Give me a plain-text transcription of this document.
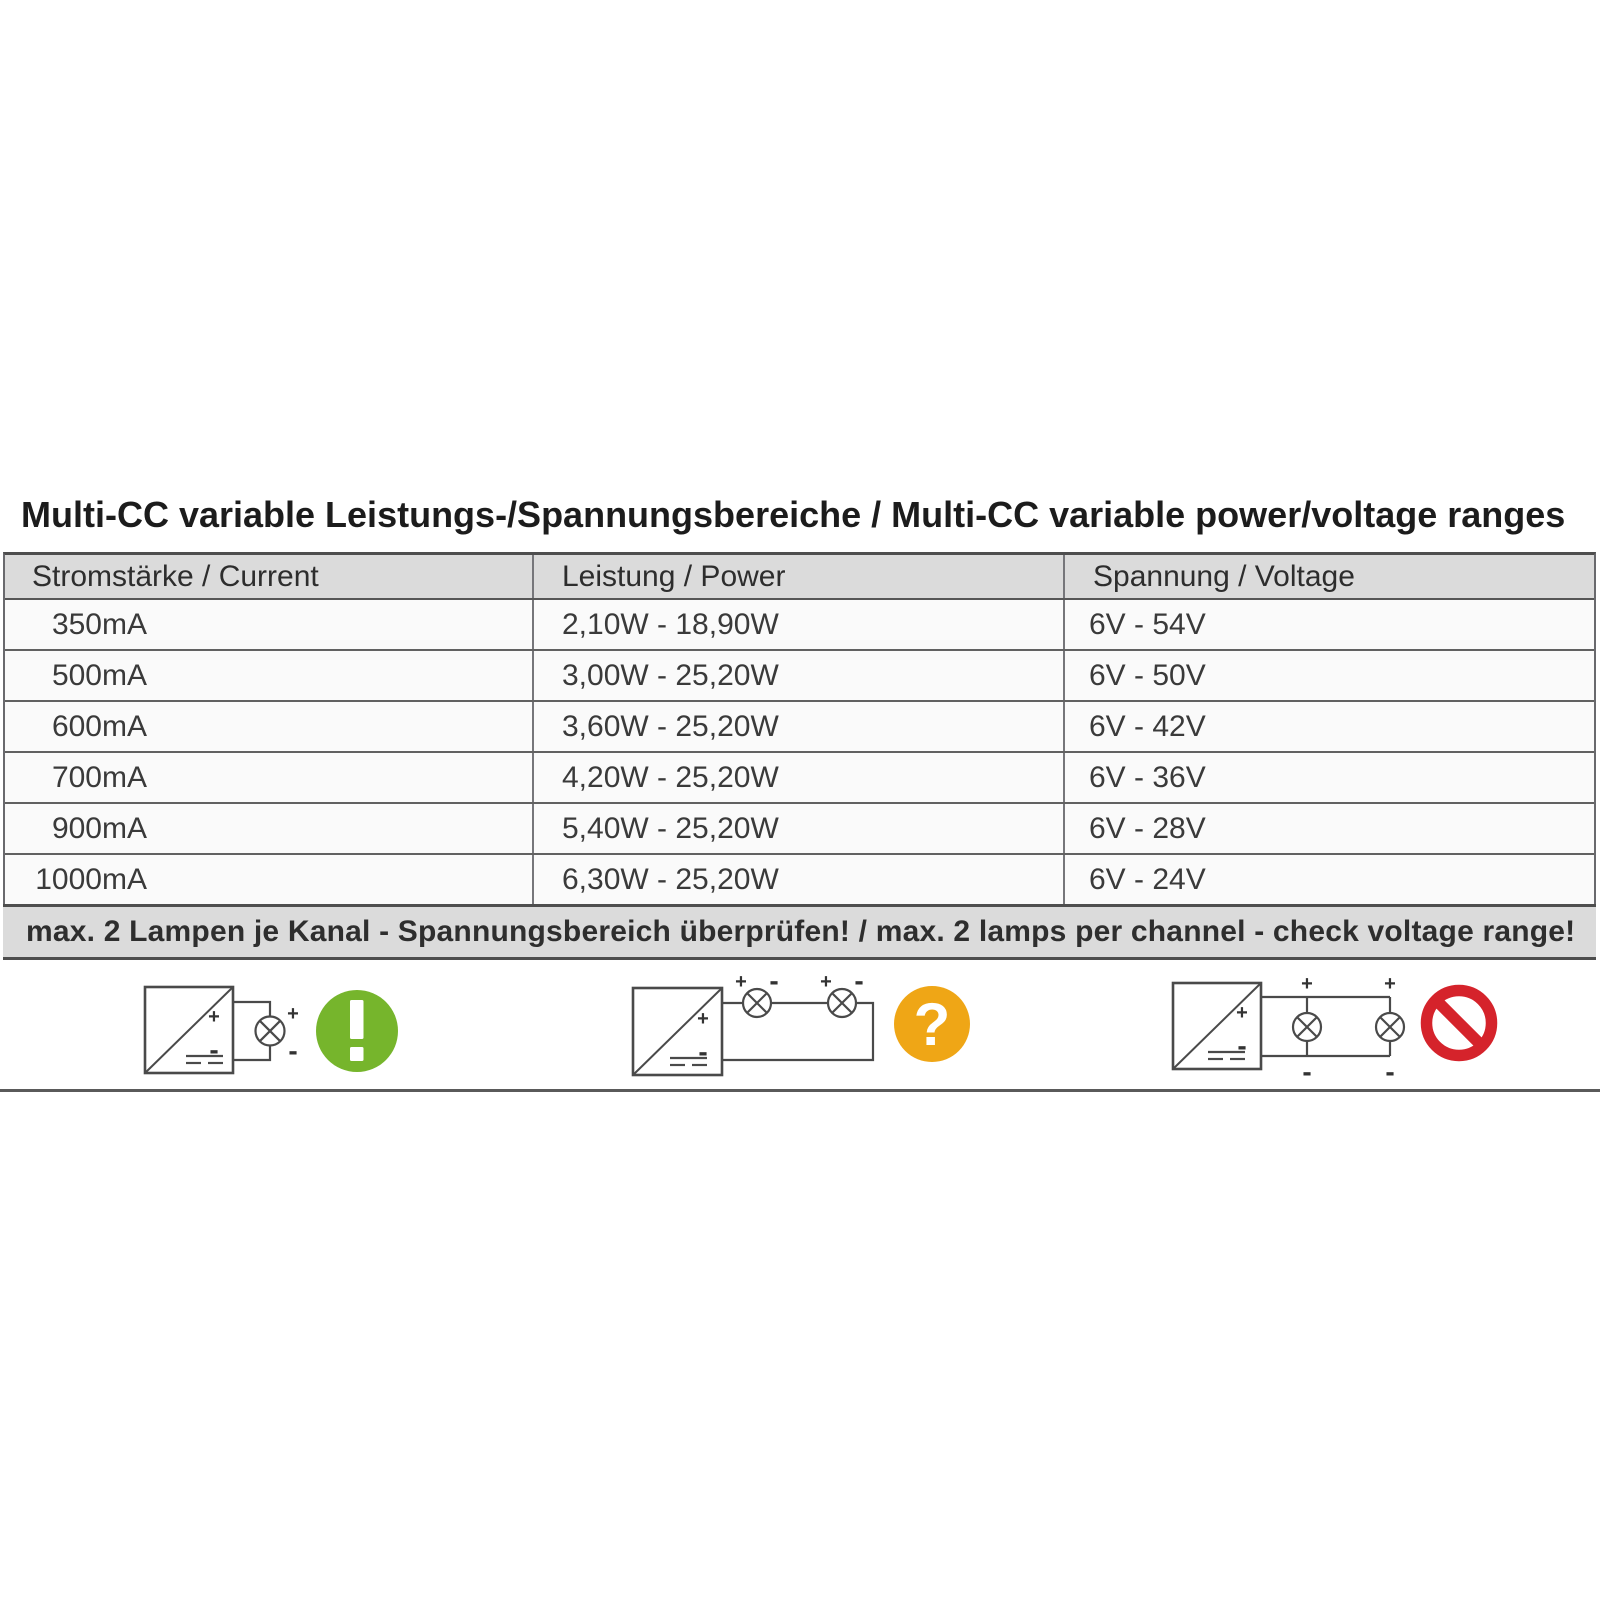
Multi-CC variable Leistungs-/Spannungsbereiche / Multi-CC variable power/voltage ranges
Stromstärke / Current	Leistung / Power	Spannung / Voltage
350mA	2,10W - 18,90W	6V - 54V
500mA	3,00W - 25,20W	6V - 50V
600mA	3,60W - 25,20W	6V - 42V
700mA	4,20W - 25,20W	6V - 36V
900mA	5,40W - 25,20W	6V - 28V
1000mA	6,30W - 25,20W	6V - 24V
max. 2 Lampen je Kanal - Spannungsbereich überprüfen! / max. 2 lamps per channel - check voltage range!
+
-
+
-
+
-
+ - + -
?	+
-
+	+
-	-
